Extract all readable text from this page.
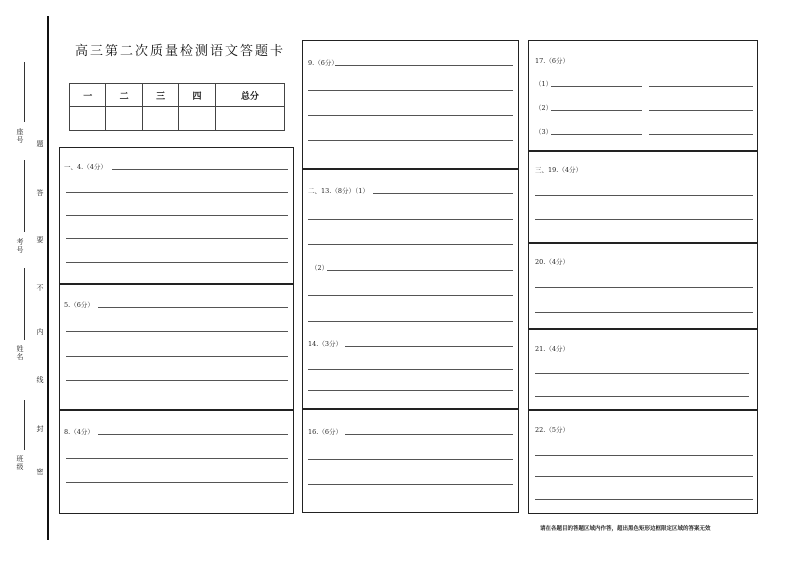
座号
考号
姓名
班级
题
答
要
不
内
线
封
密
高三第二次质量检测语文答题卡
一	二	三	四	总分

一、4.（4分）
5.（6分）
8.（4分）
9.（6分）
二、13.（8分）（1）
（2）
14.（3分）
16.（6分）
17.（6分）
（1）
（2）
（3）
三、19.（4分）
20.（4分）
21.（4分）
22.（5分）
请在各题目的答题区域内作答，超出黑色矩形边框限定区域的答案无效
